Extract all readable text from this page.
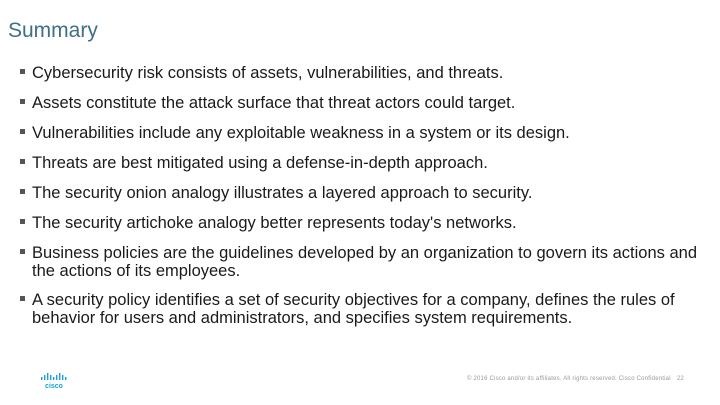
Summary
Cybersecurity risk consists of assets, vulnerabilities, and threats.
Assets constitute the attack surface that threat actors could target.
Vulnerabilities include any exploitable weakness in a system or its design.
Threats are best mitigated using a defense-in-depth approach.
The security onion analogy illustrates a layered approach to security.
The security artichoke analogy better represents today's networks.
Business policies are the guidelines developed by an organization to govern its actions and the actions of its employees.
A security policy identifies a set of security objectives for a company, defines the rules of behavior for users and administrators, and specifies system requirements.
cisco
© 2016 Cisco and/or its affiliates. All rights reserved. Cisco Confidential 22
